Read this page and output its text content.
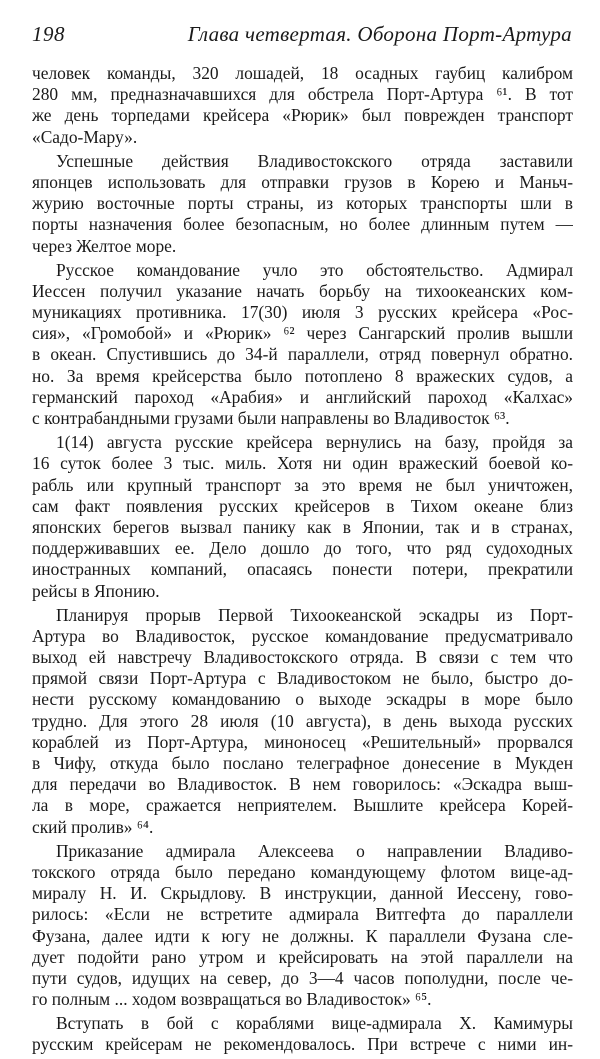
198	Глава четвертая. Оборона Порт-Артура
человек команды, 320 лошадей, 18 осадных гаубиц калибром
280 мм, предназначавшихся для обстрела Порт-Артура ⁶¹. В тот
же день торпедами крейсера «Рюрик» был поврежден транспорт
«Садо-Мару».
Успешные действия Владивостокского отряда заставили
японцев использовать для отправки грузов в Корею и Маньч-
журию восточные порты страны, из которых транспорты шли в
порты назначения более безопасным, но более длинным путем —
через Желтое море.
Русское командование учло это обстоятельство. Адмирал
Иессен получил указание начать борьбу на тихоокеанских ком-
муникациях противника. 17(30) июля 3 русских крейсера «Рос-
сия», «Громобой» и «Рюрик» ⁶² через Сангарский пролив вышли
в океан. Спустившись до 34-й параллели, отряд повернул обратно.
но. За время крейсерства было потоплено 8 вражеских судов, а
германский пароход «Арабия» и английский пароход «Калхас»
с контрабандными грузами были направлены во Владивосток ⁶³.
1(14) августа русские крейсера вернулись на базу, пройдя за
16 суток более 3 тыс. миль. Хотя ни один вражеский боевой ко-
рабль или крупный транспорт за это время не был уничтожен,
сам факт появления русских крейсеров в Тихом океане близ
японских берегов вызвал панику как в Японии, так и в странах,
поддерживавших ее. Дело дошло до того, что ряд судоходных
иностранных компаний, опасаясь понести потери, прекратили
рейсы в Японию.
Планируя прорыв Первой Тихоокеанской эскадры из Порт-
Артура во Владивосток, русское командование предусматривало
выход ей навстречу Владивостокского отряда. В связи с тем что
прямой связи Порт-Артура с Владивостоком не было, быстро до-
нести русскому командованию о выходе эскадры в море было
трудно. Для этого 28 июля (10 августа), в день выхода русских
кораблей из Порт-Артура, миноносец «Решительный» прорвался
в Чифу, откуда было послано телеграфное донесение в Мукден
для передачи во Владивосток. В нем говорилось: «Эскадра выш-
ла в море, сражается неприятелем. Вышлите крейсера Корей-
ский пролив» ⁶⁴.
Приказание адмирала Алексеева о направлении Владиво-
токского отряда было передано командующему флотом вице-ад-
миралу Н. И. Скрыдлову. В инструкции, данной Иессену, гово-
рилось: «Если не встретите адмирала Витгефта до параллели
Фузана, далее идти к югу не должны. К параллели Фузана сле-
дует подойти рано утром и крейсировать на этой параллели на
пути судов, идущих на север, до 3—4 часов пополудни, после че-
го полным ... ходом возвращаться во Владивосток» ⁶⁵.
Вступать в бой с кораблями вице-адмирала Х. Камимуры
русским крейсерам не рекомендовалось. При встрече с ними ин-
